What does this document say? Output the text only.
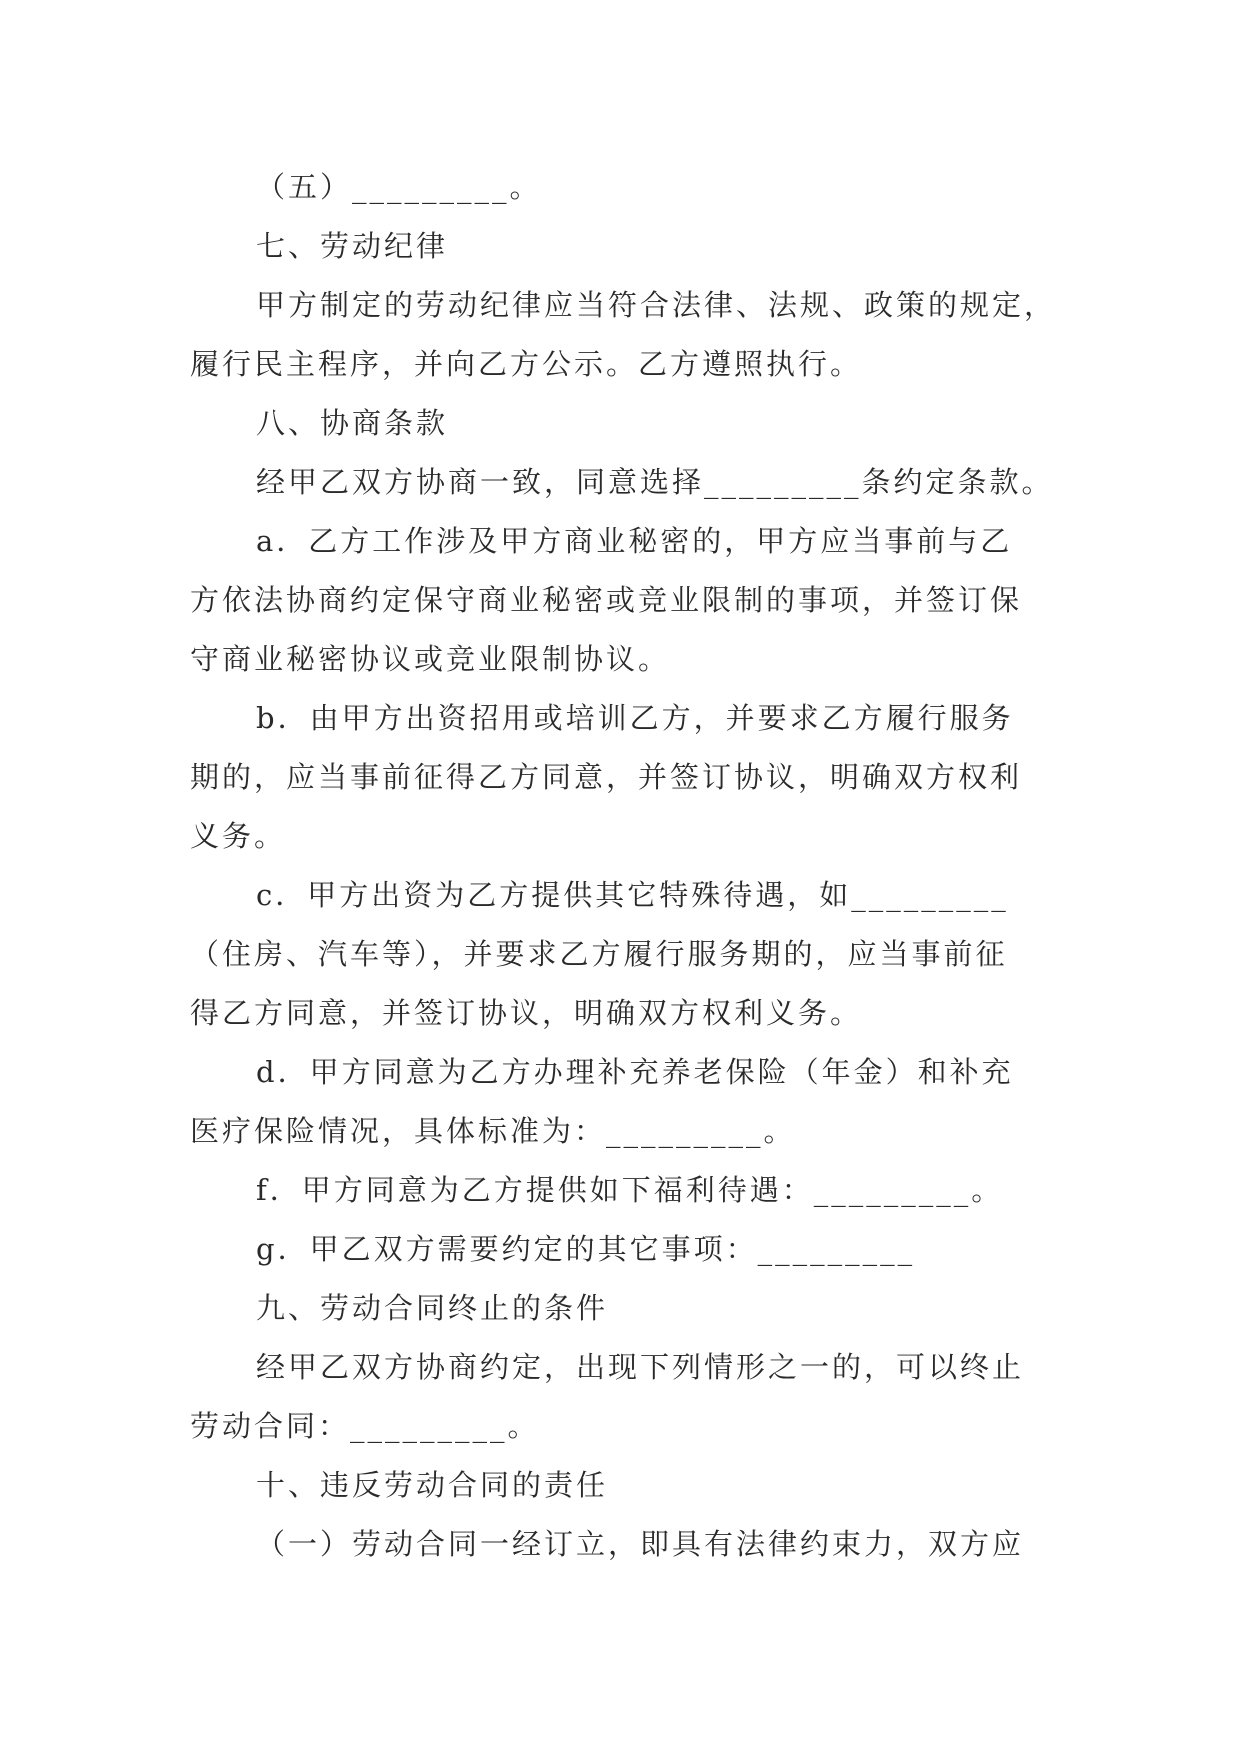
（五）_________。
七、劳动纪律
甲方制定的劳动纪律应当符合法律、法规、政策的规定，
履行民主程序，并向乙方公示。乙方遵照执行。
八、协商条款
经甲乙双方协商一致，同意选择_________条约定条款。
a．乙方工作涉及甲方商业秘密的，甲方应当事前与乙
方依法协商约定保守商业秘密或竞业限制的事项，并签订保
守商业秘密协议或竞业限制协议。
b．由甲方出资招用或培训乙方，并要求乙方履行服务
期的，应当事前征得乙方同意，并签订协议，明确双方权利
义务。
c．甲方出资为乙方提供其它特殊待遇，如_________
（住房、汽车等），并要求乙方履行服务期的，应当事前征
得乙方同意，并签订协议，明确双方权利义务。
d．甲方同意为乙方办理补充养老保险（年金）和补充
医疗保险情况，具体标准为：_________。
f．甲方同意为乙方提供如下福利待遇：_________。
g．甲乙双方需要约定的其它事项：_________
九、劳动合同终止的条件
经甲乙双方协商约定，出现下列情形之一的，可以终止
劳动合同：_________。
十、违反劳动合同的责任
（一）劳动合同一经订立，即具有法律约束力，双方应
